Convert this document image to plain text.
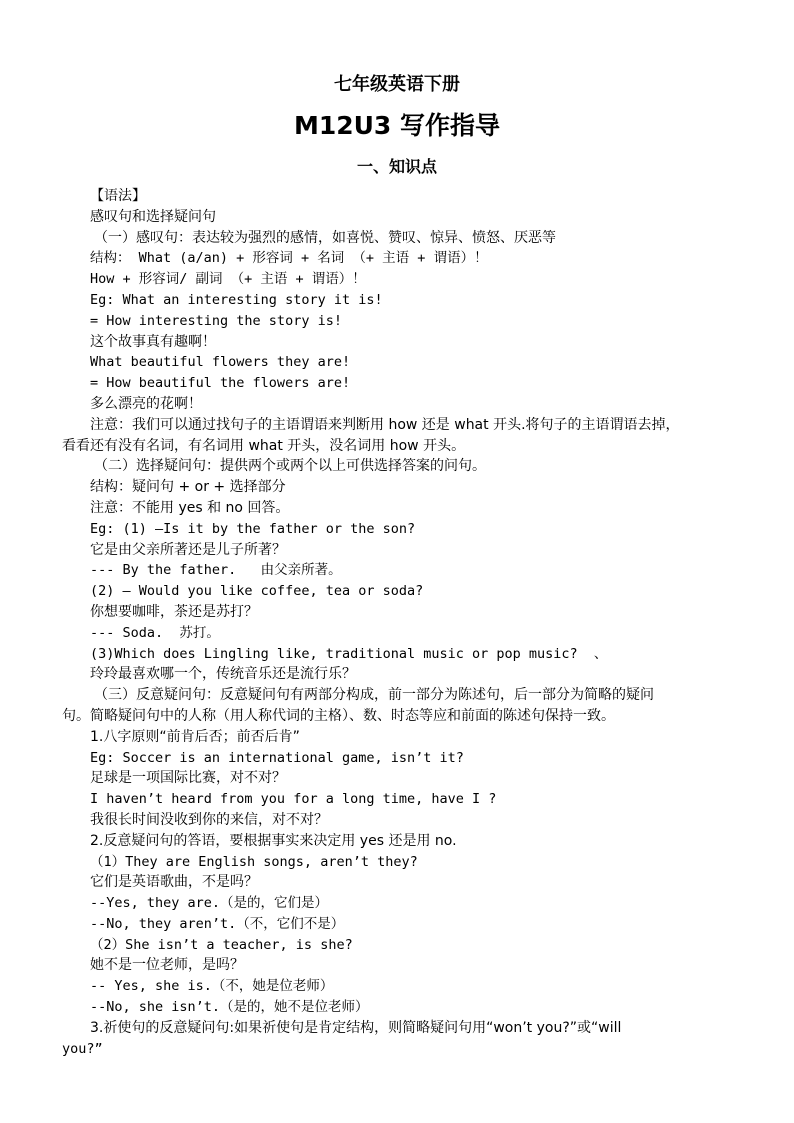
七年级英语下册
M12U3 写作指导
一、知识点
【语法】
感叹句和选择疑问句
（一）感叹句：表达较为强烈的感情，如喜悦、赞叹、惊异、愤怒、厌恶等
结构： What (a/an) + 形容词 + 名词 （+ 主语 + 谓语）！
How + 形容词/ 副词 （+ 主语 + 谓语）！
Eg: What an interesting story it is!
= How interesting the story is!
这个故事真有趣啊！
What beautiful flowers they are!
= How beautiful the flowers are!
多么漂亮的花啊！
注意：我们可以通过找句子的主语谓语来判断用 how 还是 what 开头.将句子的主语谓语去掉，
看看还有没有名词，有名词用 what 开头，没名词用 how 开头。
（二）选择疑问句：提供两个或两个以上可供选择答案的问句。
结构：疑问句 + or + 选择部分
注意：不能用 yes 和 no 回答。
Eg: (1) –Is it by the father or the son?
它是由父亲所著还是儿子所著？
--- By the father.   由父亲所著。
(2) – Would you like coffee, tea or soda?
你想要咖啡，茶还是苏打？
--- Soda.  苏打。
(3)Which does Lingling like, traditional music or pop music?  、
玲玲最喜欢哪一个，传统音乐还是流行乐？
（三）反意疑问句：反意疑问句有两部分构成，前一部分为陈述句，后一部分为简略的疑问
句。简略疑问句中的人称（用人称代词的主格）、数、时态等应和前面的陈述句保持一致。
1.八字原则“前肯后否；前否后肯”
Eg: Soccer is an international game, isn’t it?
足球是一项国际比赛，对不对？
I haven’t heard from you for a long time, have I ?
我很长时间没收到你的来信，对不对？
2.反意疑问句的答语，要根据事实来决定用 yes 还是用 no.
（1）They are English songs, aren’t they?
它们是英语歌曲，不是吗？
--Yes, they are.（是的，它们是）
--No, they aren’t.（不，它们不是）
（2）She isn’t a teacher, is she?
她不是一位老师，是吗？
-- Yes, she is.（不，她是位老师）
--No, she isn’t.（是的，她不是位老师）
3.祈使句的反意疑问句:如果祈使句是肯定结构，则简略疑问句用“won’t you?”或“will
you?”
